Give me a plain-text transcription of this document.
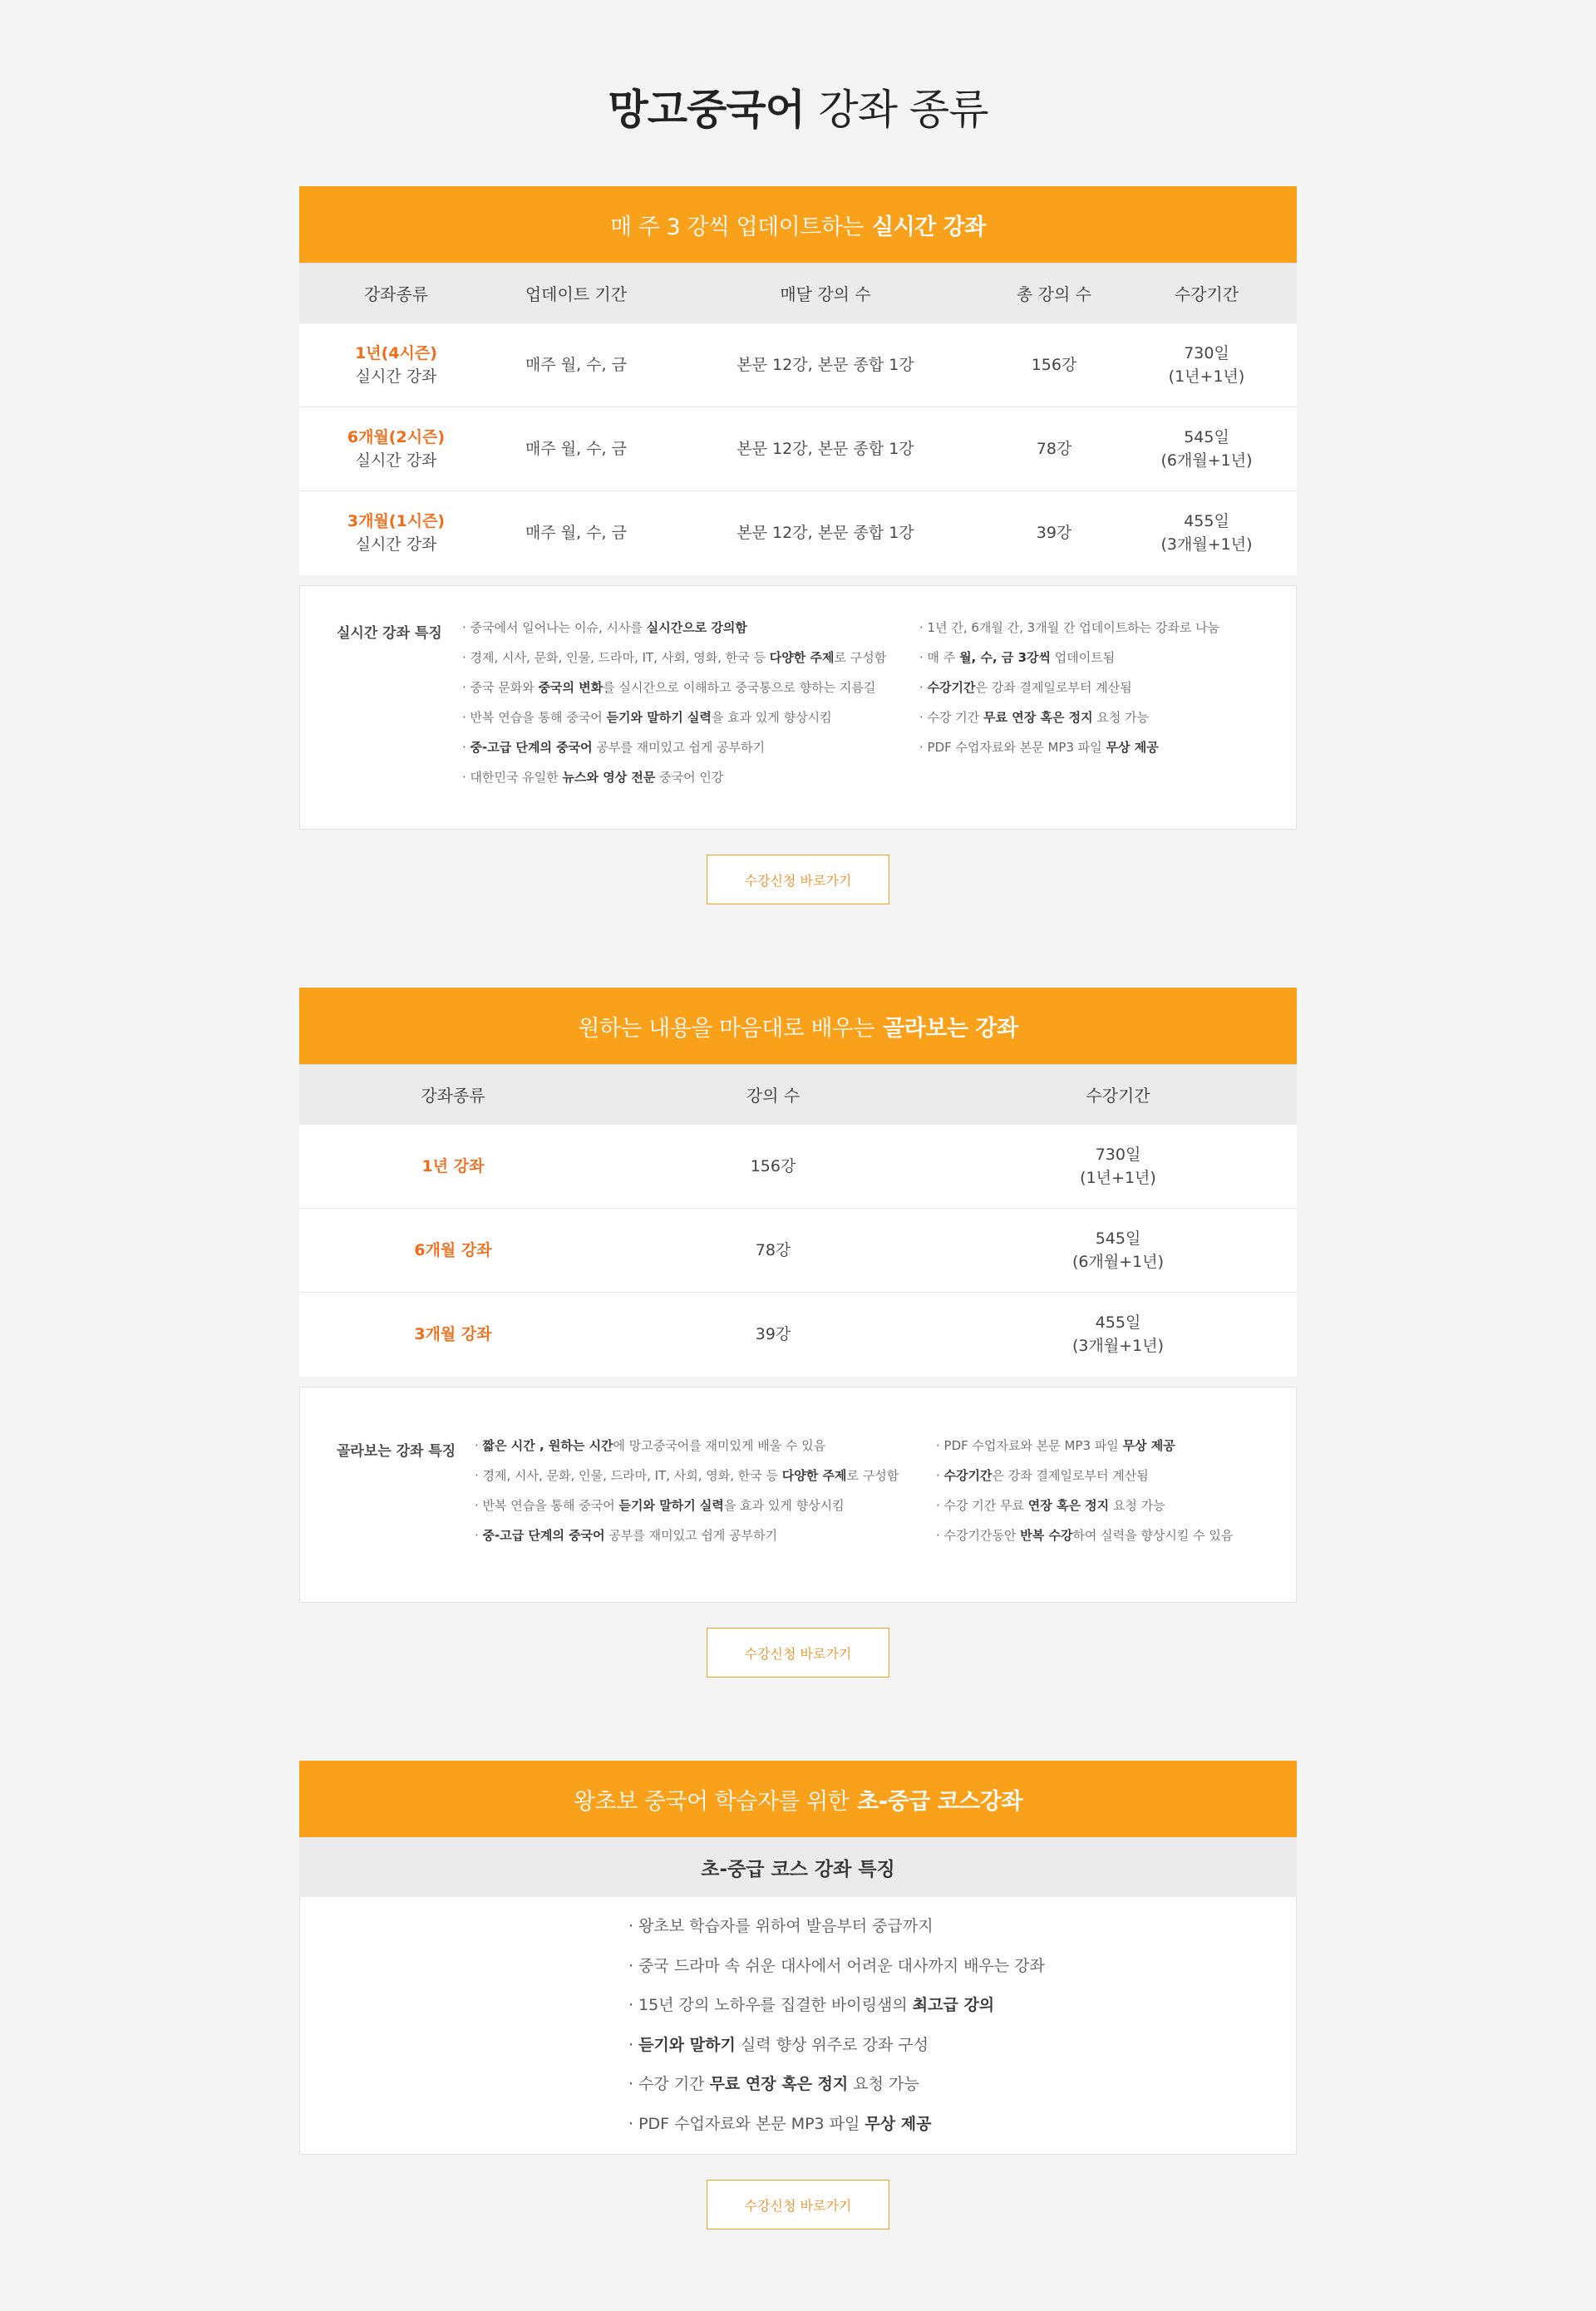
망고중국어 강좌 종류
매 주 3 강씩 업데이트하는 실시간 강좌
강좌종류	업데이트 기간	매달 강의 수	총 강의 수	수강기간

1년(4시즌)
실시간 강좌	매주 월, 수, 금	본문 12강, 본문 종합 1강	156강	730일
(1년+1년)

6개월(2시즌)
실시간 강좌	매주 월, 수, 금	본문 12강, 본문 종합 1강	78강	545일
(6개월+1년)

3개월(1시즌)
실시간 강좌	매주 월, 수, 금	본문 12강, 본문 종합 1강	39강	455일
(3개월+1년)
실시간 강좌 특징 · 중국에서 일어나는 이슈, 시사를 실시간으로 강의함
· 경제, 시사, 문화, 인물, 드라마, IT, 사회, 영화, 한국 등 다양한 주제로 구성함
· 중국 문화와 중국의 변화를 실시간으로 이해하고 중국통으로 향하는 지름길
· 반복 연습을 통해 중국어 듣기와 말하기 실력을 효과 있게 향상시킴
· 중-고급 단계의 중국어 공부를 재미있고 쉽게 공부하기
· 대한민국 유일한 뉴스와 영상 전문 중국어 인강
· 1년 간, 6개월 간, 3개월 간 업데이트하는 강좌로 나눔
· 매 주 월, 수, 금 3강씩 업데이트됨
· 수강기간은 강좌 결제일로부터 계산됨
· 수강 기간 무료 연장 혹은 정지 요청 가능
· PDF 수업자료와 본문 MP3 파일 무상 제공
수강신청 바로가기
원하는 내용을 마음대로 배우는 골라보는 강좌
강좌종류	강의 수	수강기간

1년 강좌	156강	730일
(1년+1년)

6개월 강좌	78강	545일
(6개월+1년)

3개월 강좌	39강	455일
(3개월+1년)
골라보는 강좌 특징 · 짧은 시간 , 원하는 시간에 망고중국어를 재미있게 배울 수 있음
· 경제, 시사, 문화, 인물, 드라마, IT, 사회, 영화, 한국 등 다양한 주제로 구성함
· 반복 연습을 통해 중국어 듣기와 말하기 실력을 효과 있게 향상시킴
· 중-고급 단계의 중국어 공부를 재미있고 쉽게 공부하기
· PDF 수업자료와 본문 MP3 파일 무상 제공
· 수강기간은 강좌 결제일로부터 계산됨
· 수강 기간 무료 연장 혹은 정지 요청 가능
· 수강기간동안 반복 수강하여 실력을 향상시킬 수 있음
수강신청 바로가기
왕초보 중국어 학습자를 위한 초-중급 코스강좌
초-중급 코스 강좌 특징
· 왕초보 학습자를 위하여 발음부터 중급까지
· 중국 드라마 속 쉬운 대사에서 어려운 대사까지 배우는 강좌
· 15년 강의 노하우를 집결한 바이링샘의 최고급 강의
· 듣기와 말하기 실력 향상 위주로 강좌 구성
· 수강 기간 무료 연장 혹은 정지 요청 가능
· PDF 수업자료와 본문 MP3 파일 무상 제공
수강신청 바로가기
